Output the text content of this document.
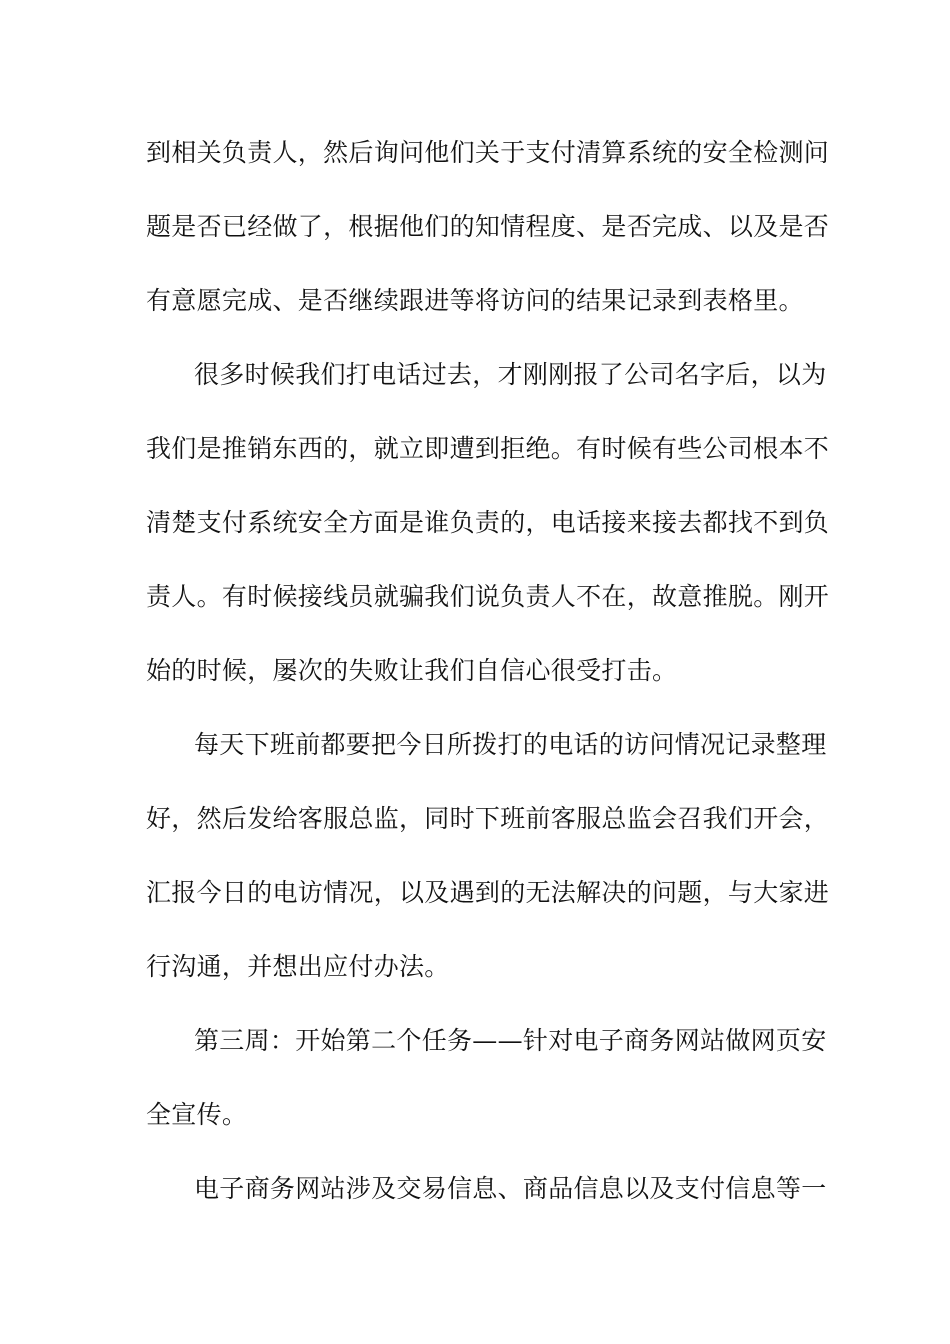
到相关负责人，然后询问他们关于支付清算系统的安全检测问
题是否已经做了，根据他们的知情程度、是否完成、以及是否
有意愿完成、是否继续跟进等将访问的结果记录到表格里。
很多时候我们打电话过去，才刚刚报了公司名字后，以为
我们是推销东西的，就立即遭到拒绝。有时候有些公司根本不
清楚支付系统安全方面是谁负责的，电话接来接去都找不到负
责人。有时候接线员就骗我们说负责人不在，故意推脱。刚开
始的时候，屡次的失败让我们自信心很受打击。
每天下班前都要把今日所拨打的电话的访问情况记录整理
好，然后发给客服总监，同时下班前客服总监会召我们开会，
汇报今日的电访情况，以及遇到的无法解决的问题，与大家进
行沟通，并想出应付办法。
第三周：开始第二个任务——针对电子商务网站做网页安
全宣传。
电子商务网站涉及交易信息、商品信息以及支付信息等一
